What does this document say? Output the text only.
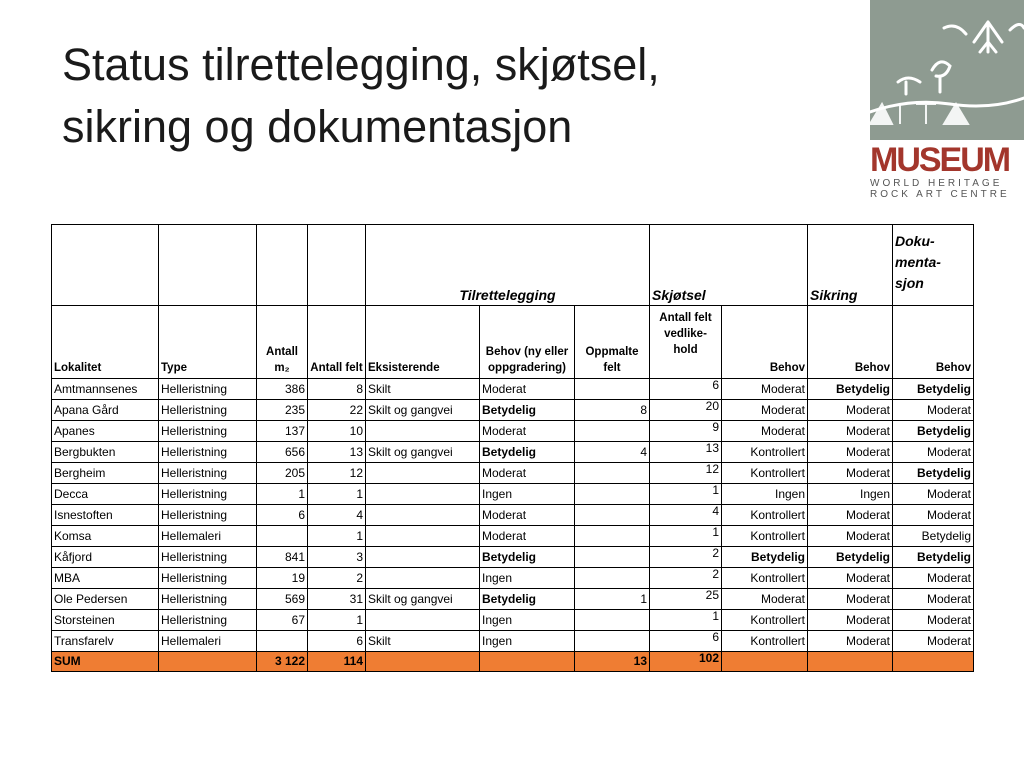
Status tilrettelegging, skjøtsel,
sikring og dokumentasjon
MUSEUM
WORLD HERITAGE
ROCK ART CENTRE
				Tilrettelegging			Skjøtsel		Sikring	Doku- menta- sjon
Lokalitet	Type	Antall m₂	Antall felt	Eksisterende	Behov (ny eller oppgradering)	Oppmalte felt	Antall felt vedlike- hold	Behov	Behov	Behov
Amtmannsenes	Helleristning	386	8	Skilt	Moderat		6	Moderat	Betydelig	Betydelig
Apana Gård	Helleristning	235	22	Skilt og gangvei	Betydelig	8	20	Moderat	Moderat	Moderat
Apanes	Helleristning	137	10		Moderat		9	Moderat	Moderat	Betydelig
Bergbukten	Helleristning	656	13	Skilt og gangvei	Betydelig	4	13	Kontrollert	Moderat	Moderat
Bergheim	Helleristning	205	12		Moderat		12	Kontrollert	Moderat	Betydelig
Decca	Helleristning	1	1		Ingen		1	Ingen	Ingen	Moderat
Isnestoften	Helleristning	6	4		Moderat		4	Kontrollert	Moderat	Moderat
Komsa	Hellemaleri		1		Moderat		1	Kontrollert	Moderat	Betydelig
Kåfjord	Helleristning	841	3		Betydelig		2	Betydelig	Betydelig	Betydelig
MBA	Helleristning	19	2		Ingen		2	Kontrollert	Moderat	Moderat
Ole Pedersen	Helleristning	569	31	Skilt og gangvei	Betydelig	1	25	Moderat	Moderat	Moderat
Storsteinen	Helleristning	67	1		Ingen		1	Kontrollert	Moderat	Moderat
Transfarelv	Hellemaleri		6	Skilt	Ingen		6	Kontrollert	Moderat	Moderat
SUM		3 122	114			13	102			
